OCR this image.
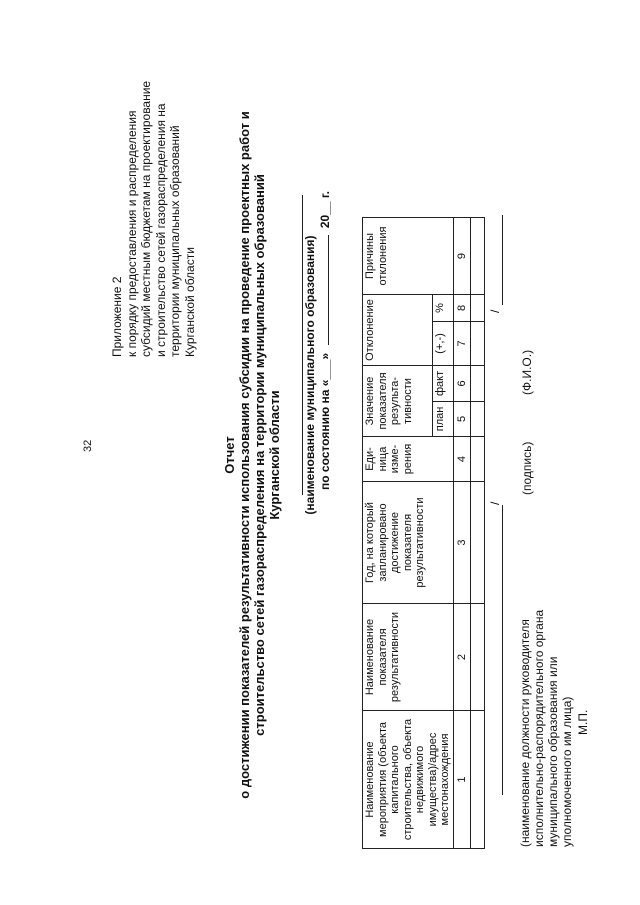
32
Приложение 2 к порядку предоставления и распределения субсидий местным бюджетам на проектирование и строительство сетей газораспределения на территории муниципальных образований Курганской области
Отчет о достижении показателей результативности использования субсидии на проведение проектных работ и строительство сетей газораспределения на территории муниципальных образований Курганской области (наименование муниципального образования) по состоянию на «___»  20__ г.
Наименование мероприятия (объекта капитального строительства, объекта недвижимого имущества)/адрес местонахождения	Наименование показателя результативности	Год, на который запланировано достижение показателя результативности	Еди-ница изме-рения	Значение показателя результа-тивности		Отклонение		Причины отклонения
				план	факт	(+,-)	%	
1	2	3	4	5	6	7	8	9

/
/
(наименование должности руководителя исполнительно-распорядительного органа муниципального образования или уполномоченного им лица)
(подпись)
(Ф.И.О.)
М.П.
